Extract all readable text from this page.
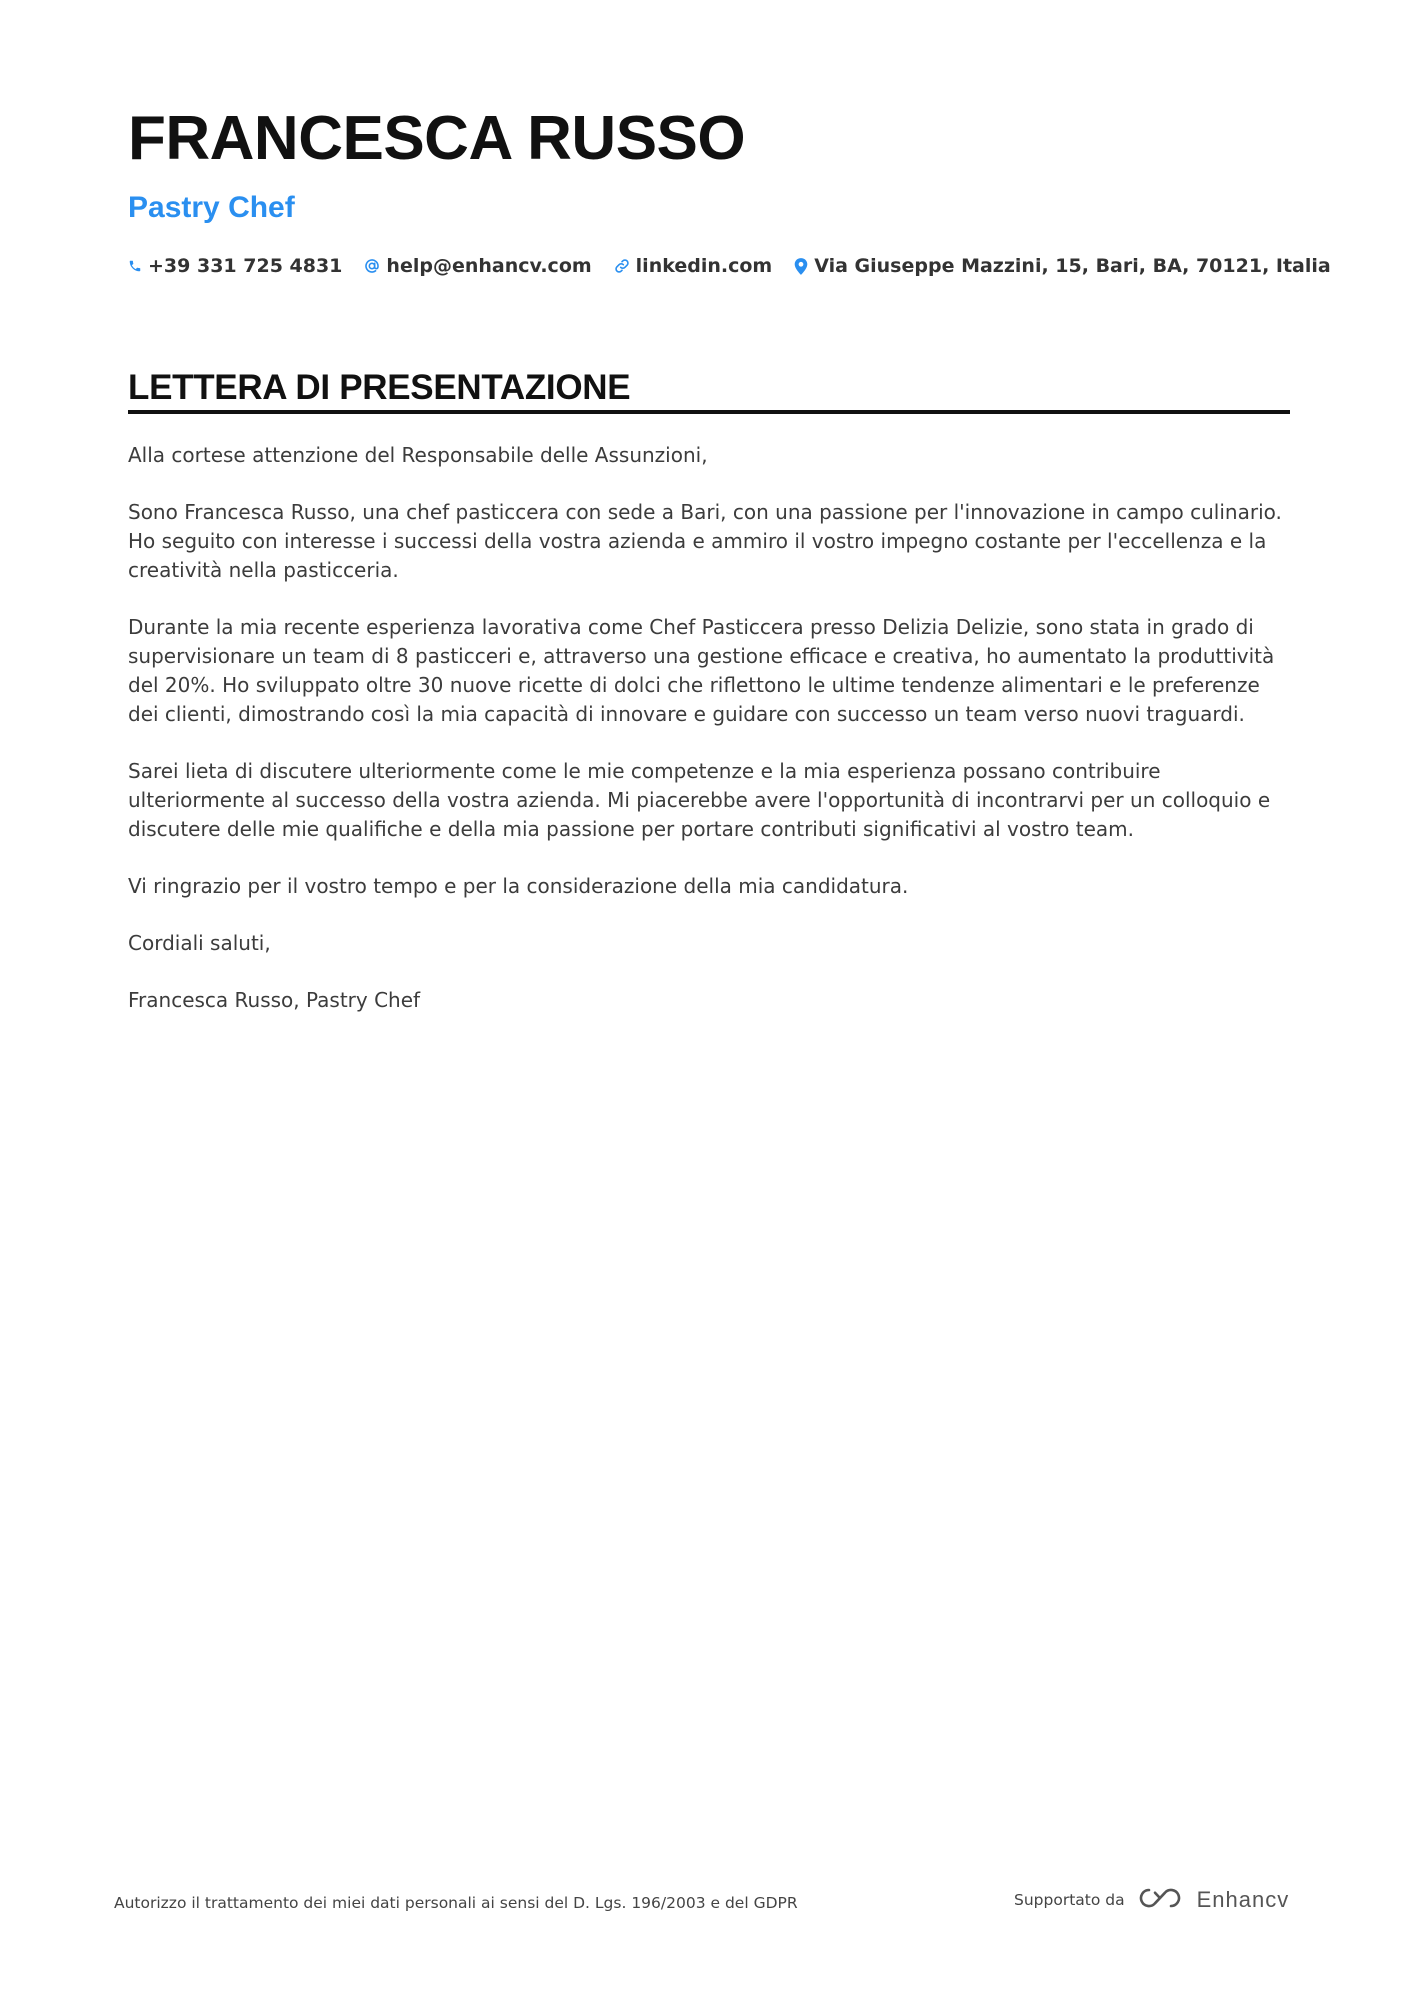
FRANCESCA RUSSO
Pastry Chef
+39 331 725 4831 help@enhancv.com linkedin.com Via Giuseppe Mazzini, 15, Bari, BA, 70121, Italia
LETTERA DI PRESENTAZIONE

Alla cortese attenzione del Responsabile delle Assunzioni,

Sono Francesca Russo, una chef pasticcera con sede a Bari, con una passione per l'innovazione in campo culinario. Ho seguito con interesse i successi della vostra azienda e ammiro il vostro impegno costante per l'eccellenza e la creatività nella pasticceria.

Durante la mia recente esperienza lavorativa come Chef Pasticcera presso Delizia Delizie, sono stata in grado di supervisionare un team di 8 pasticceri e, attraverso una gestione efficace e creativa, ho aumentato la produttività del 20%. Ho sviluppato oltre 30 nuove ricette di dolci che riflettono le ultime tendenze alimentari e le preferenze dei clienti, dimostrando così la mia capacità di innovare e guidare con successo un team verso nuovi traguardi.

Sarei lieta di discutere ulteriormente come le mie competenze e la mia esperienza possano contribuire ulteriormente al successo della vostra azienda. Mi piacerebbe avere l'opportunità di incontrarvi per un colloquio e discutere delle mie qualifiche e della mia passione per portare contributi significativi al vostro team.

Vi ringrazio per il vostro tempo e per la considerazione della mia candidatura.

Cordiali saluti,

Francesca Russo, Pastry Chef

Autorizzo il trattamento dei miei dati personali ai sensi del D. Lgs. 196/2003 e del GDPR	Supportato da	Enhancv
